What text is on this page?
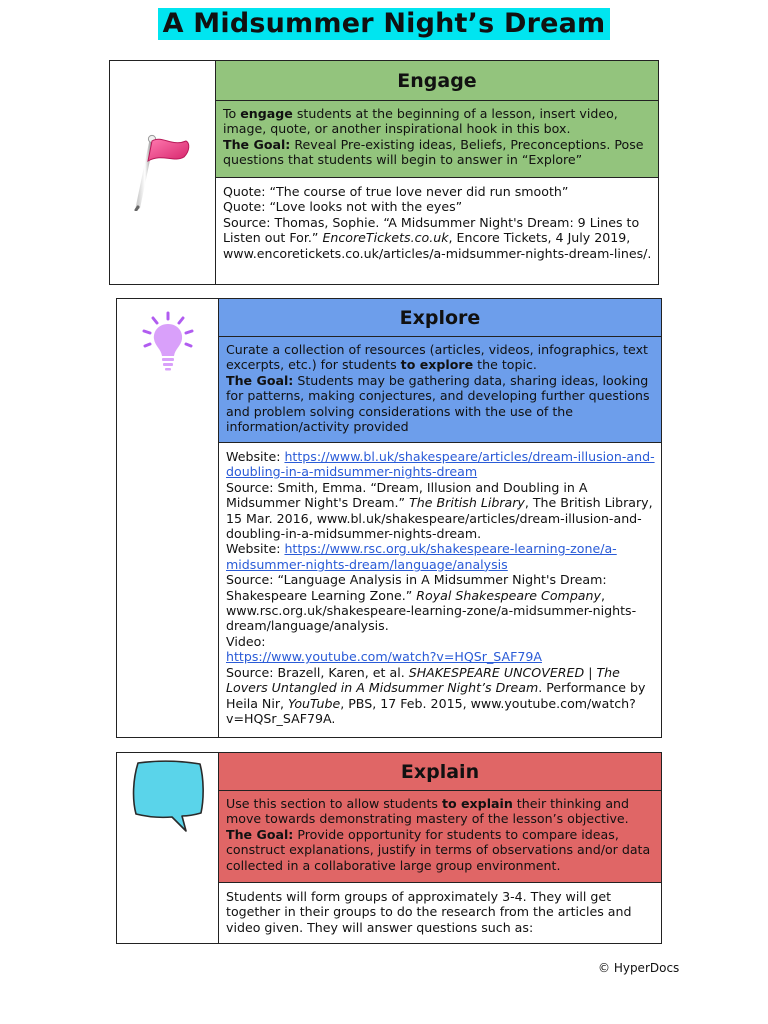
A Midsummer Night’s Dream
Engage

To engage students at the beginning of a lesson, insert video, image, quote, or another inspirational hook in this box.
The Goal: Reveal Pre-existing ideas, Beliefs, Preconceptions. Pose questions that students will begin to answer in “Explore”

Quote: “The course of true love never did run smooth”

Quote: “Love looks not with the eyes”

Source: Thomas, Sophie. “A Midsummer Night's Dream: 9 Lines to Listen out For.” EncoreTickets.co.uk, Encore Tickets, 4 July 2019, www.encoretickets.co.uk/articles/a-midsummer-nights-dream-lines/.

Explore

Curate a collection of resources (articles, videos, infographics, text excerpts, etc.) for students to explore the topic.
The Goal: Students may be gathering data, sharing ideas, looking for patterns, making conjectures, and developing further questions and problem solving considerations with the use of the information/activity provided

Website: https://www.bl.uk/shakespeare/articles/dream-illusion-and-doubling-in-a-midsummer-nights-dream

Source: Smith, Emma. “Dream, Illusion and Doubling in A Midsummer Night's Dream.” The British Library, The British Library, 15 Mar. 2016, www.bl.uk/shakespeare/articles/dream-illusion-and-doubling-in-a-midsummer-nights-dream.

Website: https://www.rsc.org.uk/shakespeare-learning-zone/a-midsummer-nights-dream/language/analysis

Source: “Language Analysis in A Midsummer Night's Dream: Shakespeare Learning Zone.” Royal Shakespeare Company, www.rsc.org.uk/shakespeare-learning-zone/a-midsummer-nights-dream/language/analysis.

Video:

https://www.youtube.com/watch?v=HQSr_SAF79A

Source: Brazell, Karen, et al. SHAKESPEARE UNCOVERED | The Lovers Untangled in A Midsummer Night’s Dream. Performance by Heila Nir, YouTube, PBS, 17 Feb. 2015, www.youtube.com/watch?v=HQSr_SAF79A.

Explain

Use this section to allow students to explain their thinking and move towards demonstrating mastery of the lesson’s objective.
The Goal: Provide opportunity for students to compare ideas, construct explanations, justify in terms of observations and/or data collected in a collaborative large group environment.

Students will form groups of approximately 3-4. They will get together in their groups to do the research from the articles and video given. They will answer questions such as:
© HyperDocs
